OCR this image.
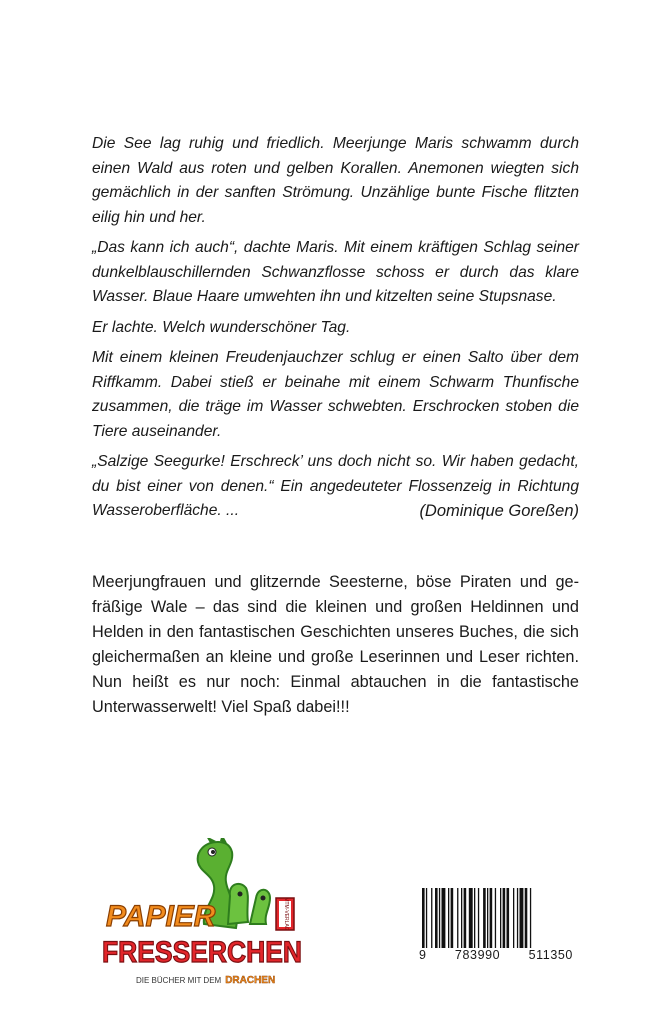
Die See lag ruhig und friedlich. Meerjunge Maris schwamm durch einen Wald aus roten und gelben Korallen. Anemonen wiegten sich gemächlich in der sanften Strömung. Unzählige bunte Fische flitzten eilig hin und her.

„Das kann ich auch“, dachte Maris. Mit einem kräftigen Schlag seiner dunkelblauschillernden Schwanzflosse schoss er durch das klare Wasser. Blaue Haare umwehten ihn und kitzelten seine Stupsnase.

Er lachte. Welch wunderschöner Tag.

Mit einem kleinen Freudenjauchzer schlug er einen Salto über dem Riffkamm. Dabei stieß er beinahe mit einem Schwarm Thunfische zusammen, die träge im Wasser schwebten. Erschrocken stoben die Tiere auseinander.

„Salzige Seegurke! Erschreck’ uns doch nicht so. Wir haben gedacht, du bist einer von denen.“ Ein angedeuteter Flossenzeig in Richtung Wasseroberfläche. ...	(Dominique Goreßen)

Meerjungfrauen und glitzernde Seesterne, böse Piraten und gefräßige Wale – das sind die kleinen und großen Heldinnen und Helden in den fantastischen Geschichten unseres Buches, die sich gleichermaßen an kleine und große Leserinnen und Leser richten. Nun heißt es nur noch: Einmal abtauchen in die fantastische Unterwasserwelt! Viel Spaß dabei!!!

MTM-VERLAG
PAPIER
FRESSERCHEN
DIE BÜCHER MIT DEM DRACHEN
9 783990 511350
